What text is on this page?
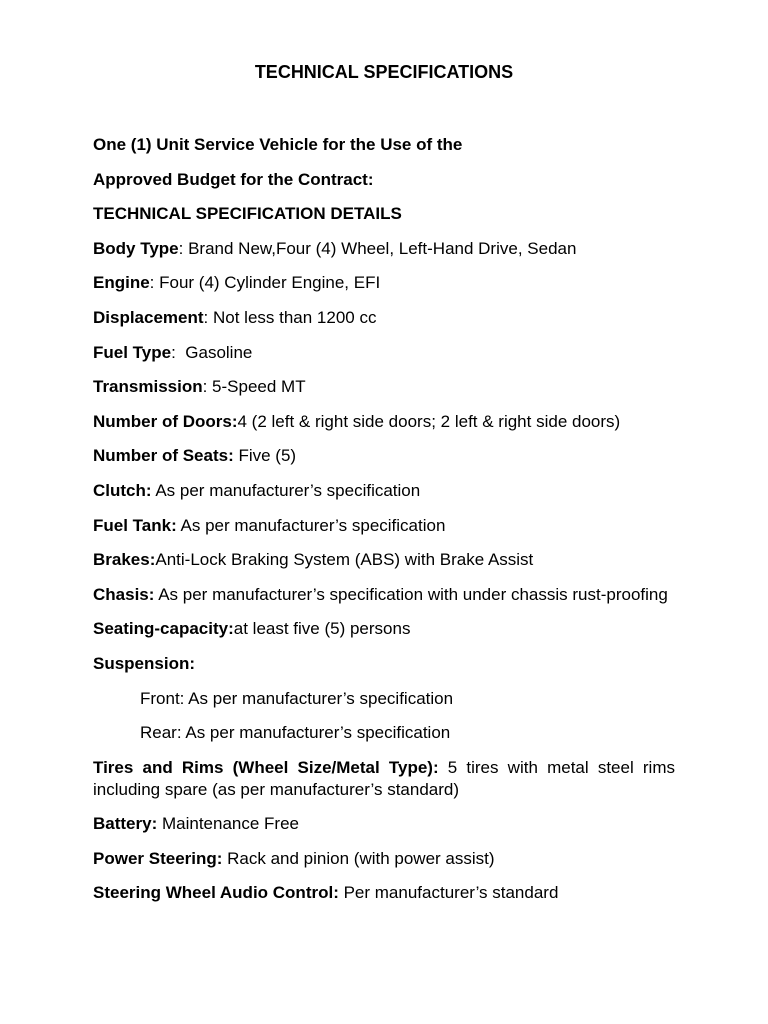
TECHNICAL SPECIFICATIONS

One (1) Unit Service Vehicle for the Use of the

Approved Budget for the Contract:

TECHNICAL SPECIFICATION DETAILS

Body Type: Brand New,Four (4) Wheel, Left-Hand Drive, Sedan

Engine: Four (4) Cylinder Engine, EFI

Displacement: Not less than 1200 cc

Fuel Type:  Gasoline

Transmission: 5-Speed MT

Number of Doors:4 (2 left & right side doors; 2 left & right side doors)

Number of Seats: Five (5)

Clutch: As per manufacturer’s specification

Fuel Tank: As per manufacturer’s specification

Brakes:Anti-Lock Braking System (ABS) with Brake Assist

Chasis: As per manufacturer’s specification with under chassis rust-proofing

Seating-capacity:at least five (5) persons

Suspension:

Front: As per manufacturer’s specification

Rear: As per manufacturer’s specification

Tires and Rims (Wheel Size/Metal Type): 5 tires with metal steel rims including spare (as per manufacturer’s standard)

Battery: Maintenance Free

Power Steering: Rack and pinion (with power assist)

Steering Wheel Audio Control: Per manufacturer’s standard
